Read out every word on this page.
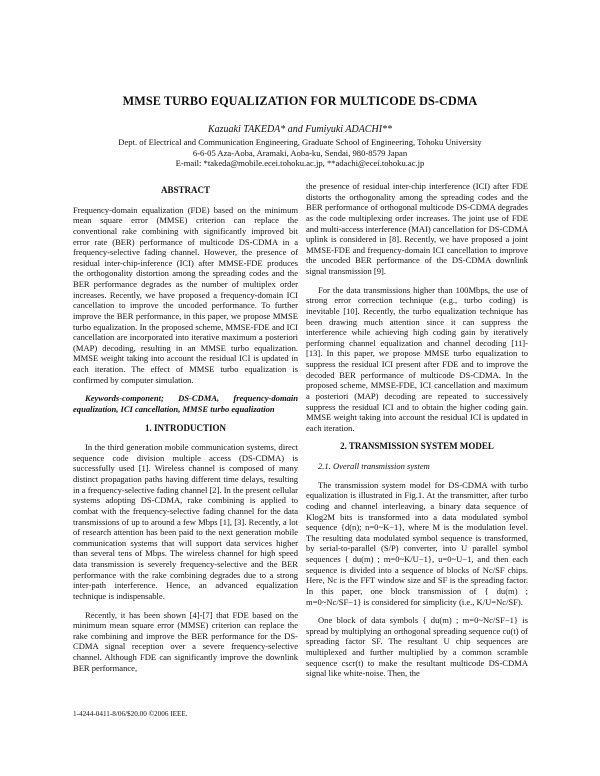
MMSE TURBO EQUALIZATION FOR MULTICODE DS-CDMA
Kazuaki TAKEDA* and Fumiyuki ADACHI**
Dept. of Electrical and Communication Engineering, Graduate School of Engineering, Tohoku University
6-6-05 Aza-Aoba, Aramaki, Aoba-ku, Sendai, 980-8579 Japan
E-mail: *takeda@mobile.ecei.tohoku.ac.jp, **adachi@ecei.tohoku.ac.jp
ABSTRACT

Frequency-domain equalization (FDE) based on the minimum mean square error (MMSE) criterion can replace the conventional rake combining with significantly improved bit error rate (BER) performance of multicode DS-CDMA in a frequency-selective fading channel. However, the presence of residual inter-chip-inference (ICI) after MMSE-FDE produces the orthogonality distortion among the spreading codes and the BER performance degrades as the number of multiplex order increases. Recently, we have proposed a frequency-domain ICI cancellation to improve the uncoded performance. To further improve the BER performance, in this paper, we propose MMSE turbo equalization. In the proposed scheme, MMSE-FDE and ICI cancellation are incorporated into iterative maximum a posteriori (MAP) decoding, resulting in an MMSE turbo equalization. MMSE weight taking into account the residual ICI is updated in each iteration. The effect of MMSE turbo equalization is confirmed by computer simulation.

Keywords-component; DS-CDMA, frequency-domain equalization, ICI cancellation, MMSE turbo equalization

1. INTRODUCTION

In the third generation mobile communication systems, direct sequence code division multiple access (DS-CDMA) is successfully used [1]. Wireless channel is composed of many distinct propagation paths having different time delays, resulting in a frequency-selective fading channel [2]. In the present cellular systems adopting DS-CDMA, rake combining is applied to combat with the frequency-selective fading channel for the data transmissions of up to around a few Mbps [1], [3]. Recently, a lot of research attention has been paid to the next generation mobile communication systems that will support data services higher than several tens of Mbps. The wireless channel for high speed data transmission is severely frequency-selective and the BER performance with the rake combining degrades due to a strong inter-path interference. Hence, an advanced equalization technique is indispensable.

Recently, it has been shown [4]-[7] that FDE based on the minimum mean square error (MMSE) criterion can replace the rake combining and improve the BER performance for the DS-CDMA signal reception over a severe frequency-selective channel. Although FDE can significantly improve the downlink BER performance,

the presence of residual inter-chip interference (ICI) after FDE distorts the orthogonality among the spreading codes and the BER performance of orthogonal multicode DS-CDMA degrades as the code multiplexing order increases. The joint use of FDE and multi-access interference (MAI) cancellation for DS-CDMA uplink is considered in [8]. Recently, we have proposed a joint MMSE-FDE and frequency-domain ICI cancellation to improve the uncoded BER performance of the DS-CDMA downlink signal transmission [9].

For the data transmissions higher than 100Mbps, the use of strong error correction technique (e.g., turbo coding) is inevitable [10]. Recently, the turbo equalization technique has been drawing much attention since it can suppress the interference while achieving high coding gain by iteratively performing channel equalization and channel decoding [11]-[13]. In this paper, we propose MMSE turbo equalization to suppress the residual ICI present after FDE and to improve the decoded BER performance of multicode DS-CDMA. In the proposed scheme, MMSE-FDE, ICI cancellation and maximum a posteriori (MAP) decoding are repeated to successively suppress the residual ICI and to obtain the higher coding gain. MMSE weight taking into account the residual ICI is updated in each iteration.

2. TRANSMISSION SYSTEM MODEL

2.1. Overall transmission system

The transmission system model for DS-CDMA with turbo equalization is illustrated in Fig.1. At the transmitter, after turbo coding and channel interleaving, a binary data sequence of Klog2M bits is transformed into a data modulated symbol sequence {d(n); n=0~K−1}, where M is the modulation level. The resulting data modulated symbol sequence is transformed, by serial-to-parallel (S/P) converter, into U parallel symbol sequences { du(m) ; m=0~K/U−1}, u=0~U−1, and then each sequence is divided into a sequence of blocks of Nc/SF chips. Here, Nc is the FFT window size and SF is the spreading factor. In this paper, one block transmission of { du(m) ; m=0~Nc/SF−1} is considered for simplicity (i.e., K/U=Nc/SF).

One block of data symbols { du(m) ; m=0~Nc/SF−1} is spread by multiplying an orthogonal spreading sequence cu(t) of spreading factor SF. The resultant U chip sequences are multiplexed and further multiplied by a common scramble sequence cscr(t) to make the resultant multicode DS-CDMA signal like white-noise. Then, the

1-4244-0411-8/06/$20.00 ©2006 IEEE.
